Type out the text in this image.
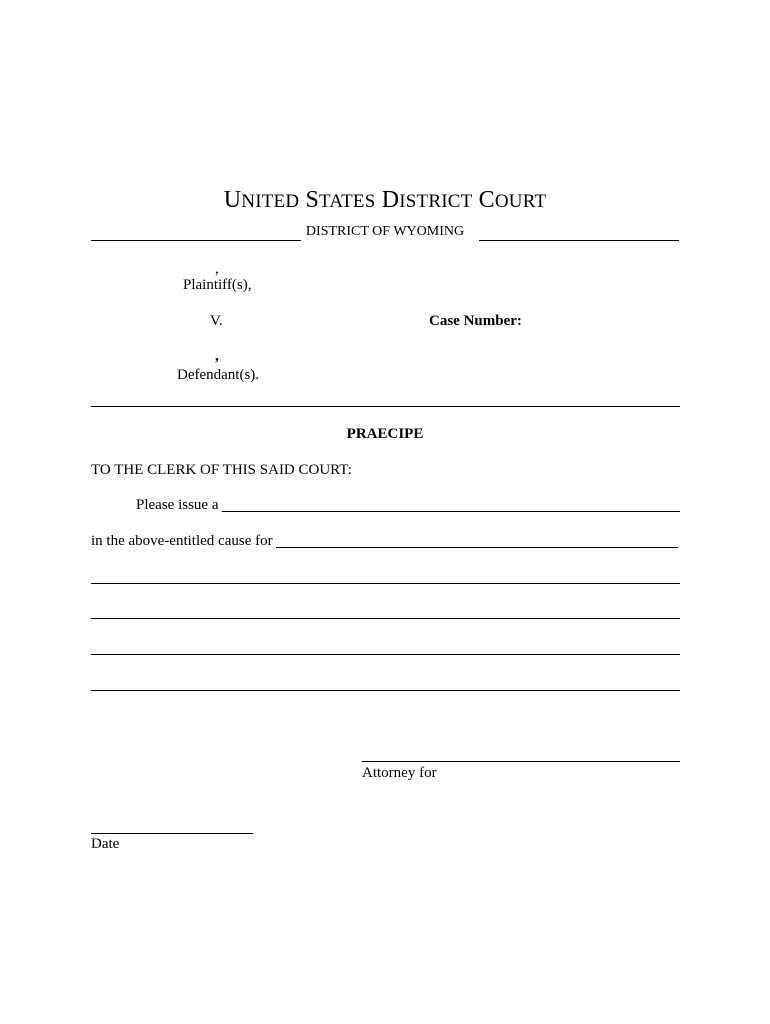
UNITED STATES DISTRICT COURT
DISTRICT OF WYOMING
,
Plaintiff(s),
V.	Case Number:
,
Defendant(s).
PRAECIPE
TO THE CLERK OF THIS SAID COURT:
Please issue a
in the above-entitled cause for
Attorney for
Date
